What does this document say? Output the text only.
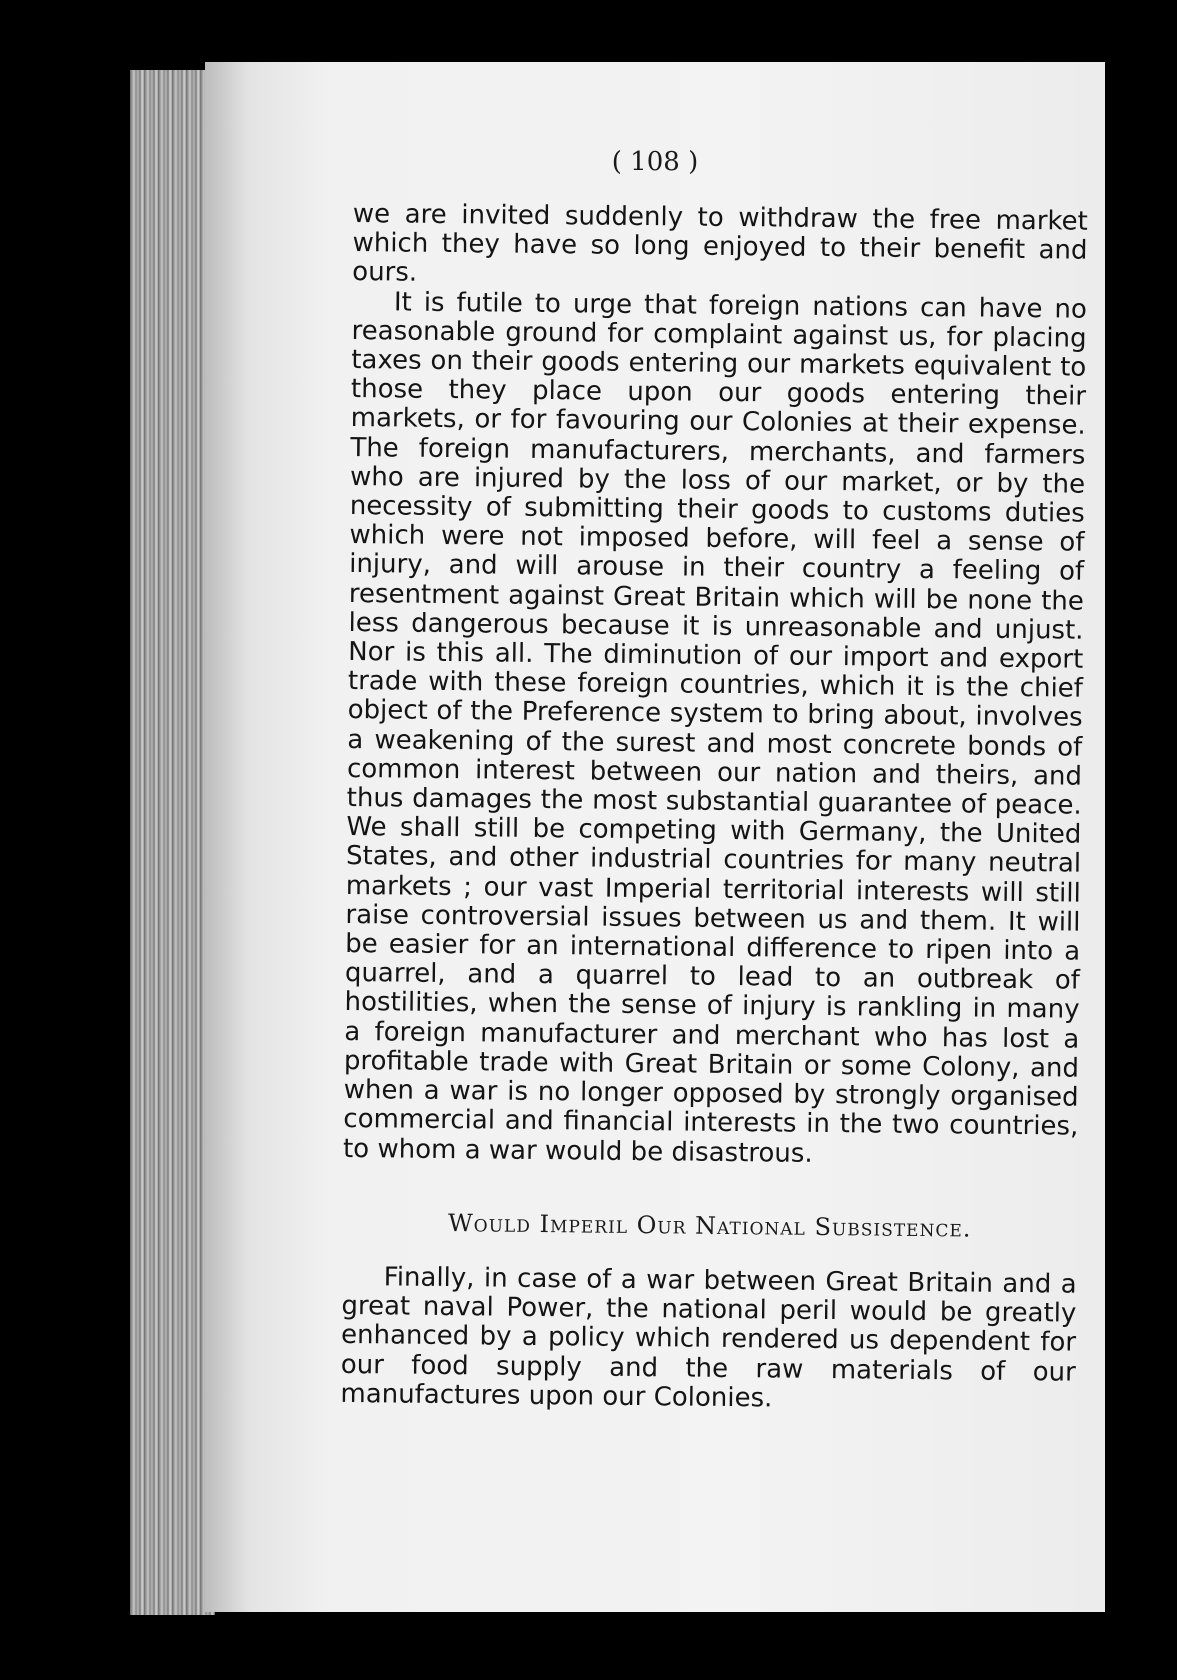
( 108 )

we are invited suddenly to withdraw the free market which they have so long enjoyed to their benefit and ours.

It is futile to urge that foreign nations can have no reasonable ground for complaint against us, for placing taxes on their goods entering our markets equivalent to those they place upon our goods entering their markets, or for favouring our Colonies at their expense. The foreign manufacturers, merchants, and farmers who are injured by the loss of our market, or by the necessity of submitting their goods to customs duties which were not imposed before, will feel a sense of injury, and will arouse in their country a feeling of resentment against Great Britain which will be none the less dangerous because it is unreasonable and unjust. Nor is this all. The diminution of our import and export trade with these foreign countries, which it is the chief object of the Preference system to bring about, involves a weakening of the surest and most concrete bonds of common interest between our nation and theirs, and thus damages the most substantial guarantee of peace. We shall still be competing with Germany, the United States, and other industrial countries for many neutral markets ; our vast Imperial territorial interests will still raise controversial issues between us and them. It will be easier for an international difference to ripen into a quarrel, and a quarrel to lead to an outbreak of hostilities, when the sense of injury is rankling in many a foreign manufacturer and merchant who has lost a profitable trade with Great Britain or some Colony, and when a war is no longer opposed by strongly organised commercial and financial interests in the two countries, to whom a war would be disastrous.

Would Imperil Our National Subsistence.

Finally, in case of a war between Great Britain and a great naval Power, the national peril would be greatly enhanced by a policy which rendered us dependent for our food supply and the raw materials of our manufactures upon our Colonies.
